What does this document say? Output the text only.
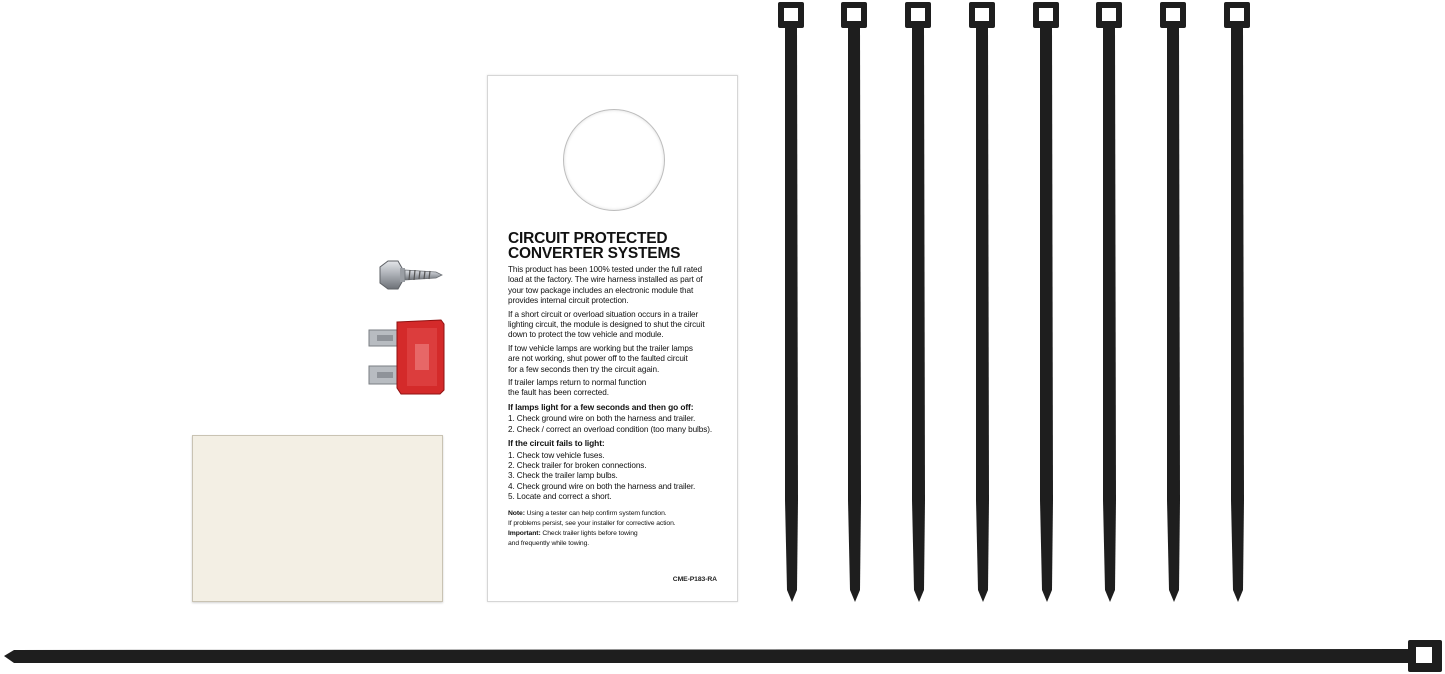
CIRCUIT PROTECTED
CONVERTER SYSTEMS
This product has been 100% tested under the full rated
load at the factory. The wire harness installed as part of
your tow package includes an electronic module that
provides internal circuit protection.
If a short circuit or overload situation occurs in a trailer
lighting circuit, the module is designed to shut the circuit
down to protect the tow vehicle and module.
If tow vehicle lamps are working but the trailer lamps
are not working, shut power off to the faulted circuit
for a few seconds then try the circuit again.
If trailer lamps return to normal function
the fault has been corrected.
If lamps light for a few seconds and then go off:
1. Check ground wire on both the harness and trailer.
2. Check / correct an overload condition (too many bulbs).
If the circuit fails to light:
1. Check tow vehicle fuses.
2. Check trailer for broken connections.
3. Check the trailer lamp bulbs.
4. Check ground wire on both the harness and trailer.
5. Locate and correct a short.
Note: Using a tester can help confirm system function.
If problems persist, see your installer for corrective action.
Important: Check trailer lights before towing
and frequently while towing.
CME-P183-RA
